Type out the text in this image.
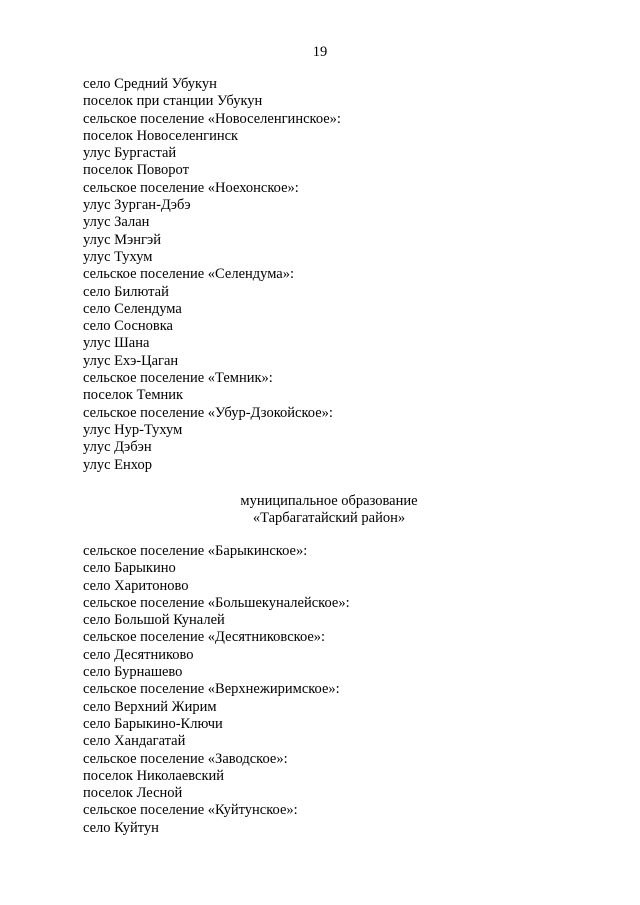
19
село Средний Убукун
поселок при станции Убукун
сельское поселение «Новоселенгинское»:
поселок Новоселенгинск
улус Бургастай
поселок Поворот
сельское поселение «Ноехонское»:
улус Зурган-Дэбэ
улус Залан
улус Мэнгэй
улус Тухум
сельское поселение «Селендума»:
село Билютай
село Селендума
село Сосновка
улус Шана
улус Ехэ-Цаган
сельское поселение «Темник»:
поселок Темник
сельское поселение «Убур-Дзокойское»:
улус Нур-Тухум
улус Дэбэн
улус Енхор
муниципальное образование
«Тарбагатайский район»
сельское поселение «Барыкинское»:
село Барыкино
село Харитоново
сельское поселение «Большекуналейское»:
село Большой Куналей
сельское поселение «Десятниковское»:
село Десятниково
село Бурнашево
сельское поселение «Верхнежиримское»:
село Верхний Жирим
село Барыкино-Ключи
село Хандагатай
сельское поселение «Заводское»:
поселок Николаевский
поселок Лесной
сельское поселение «Куйтунское»:
село Куйтун
